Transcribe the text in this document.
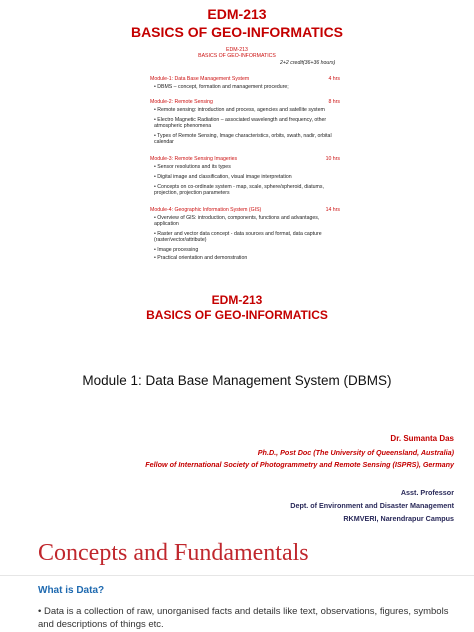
EDM-213
BASICS OF GEO-INFORMATICS
EDM-213
BASICS OF GEO-INFORMATICS
2+2 credit(36+36 hours)
Module-1: Data Base Management System	4 hrs
• DBMS – concept, formation and management procedure;
Module-2: Remote Sensing	8 hrs
• Remote sensing: introduction and process, agencies and satellite system
• Electro Magnetic Radiation – associated wavelength and frequency, other atmospheric phenomena
• Types of Remote Sensing, Image characteristics, orbits, swath, nadir, orbital calendar
Module-3: Remote Sensing Imageries	10 hrs
• Sensor resolutions and its types
• Digital image and classification, visual image interpretation
• Concepts on co-ordinate system - map, scale, sphere/spheroid, diatums, projection, projection parameters
Module-4: Geographic Information System (GIS)	14 hrs
• Overview of GIS: introduction, components, functions and advantages, application
• Raster and vector data concept - data sources and format, data capture (raster/vector/attribute)
• Image processing
• Practical orientation and demonstration
EDM-213
BASICS OF GEO-INFORMATICS
Module 1: Data Base Management System (DBMS)
Dr. Sumanta Das
Ph.D., Post Doc (The University of Queensland, Australia)
Fellow of International Society of Photogrammetry and Remote Sensing (ISPRS), Germany
Asst. Professor
Dept. of Environment and Disaster Management
RKMVERI, Narendrapur Campus
Concepts and Fundamentals
What is Data?
• Data is a collection of raw, unorganised facts and details like text, observations, figures, symbols and descriptions of things etc.
